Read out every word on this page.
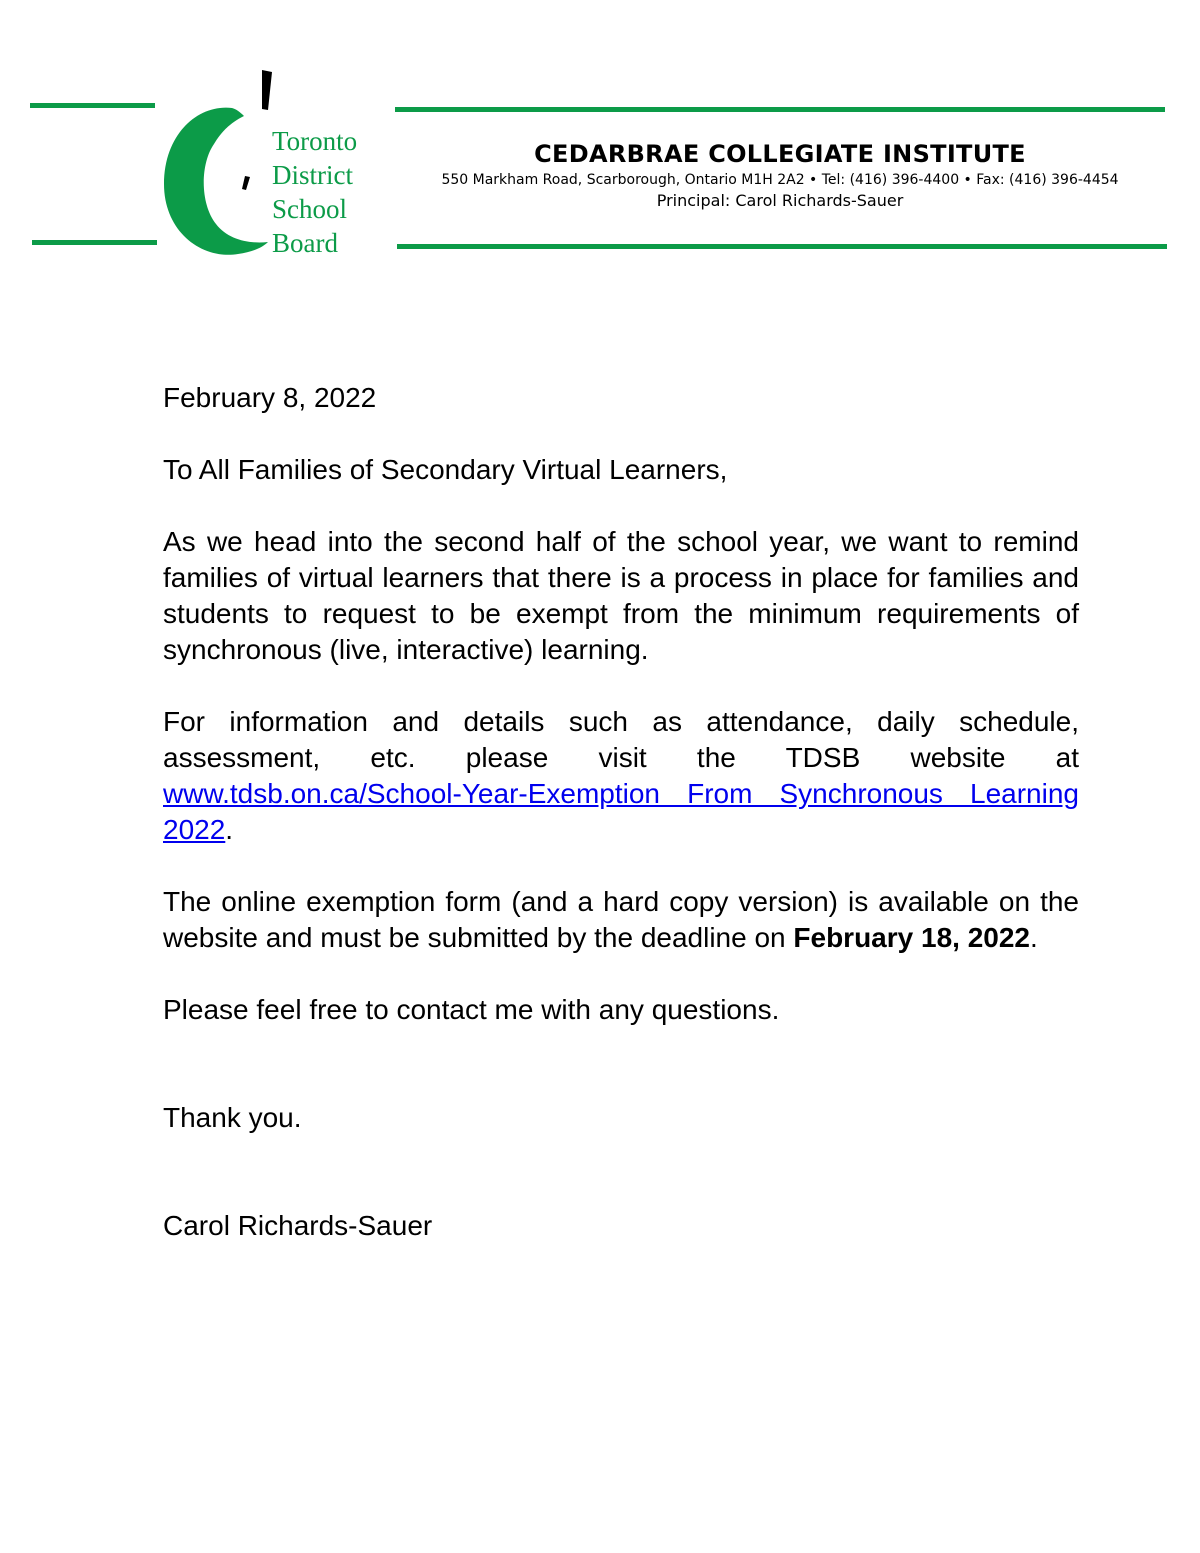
Toronto
District
School
Board

CEDARBRAE COLLEGIATE INSTITUTE

550 Markham Road, Scarborough, Ontario M1H 2A2 • Tel: (416) 396-4400 • Fax: (416) 396-4454

Principal: Carol Richards-Sauer

February 8, 2022

To All Families of Secondary Virtual Learners,

As we head into the second half of the school year, we want to remind families of virtual learners that there is a process in place for families and students to request to be exempt from the minimum requirements of synchronous (live, interactive) learning.

For information and details such as attendance, daily schedule, assessment, etc. please visit the TDSB website at www.tdsb.on.ca/School-Year-Exemption From Synchronous Learning 2022.

The online exemption form (and a hard copy version) is available on the website and must be submitted by the deadline on February 18, 2022.

Please feel free to contact me with any questions.

Thank you.

Carol Richards-Sauer
